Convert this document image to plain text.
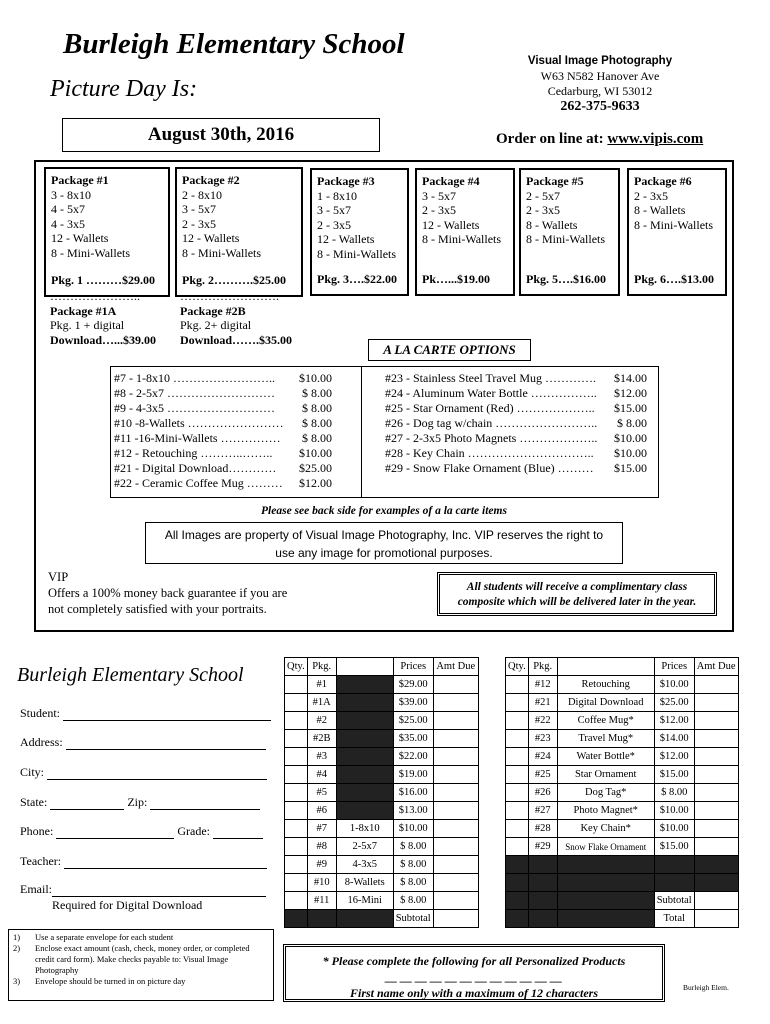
Burleigh Elementary School
Picture Day Is:
Visual Image Photography
W63 N582 Hanover Ave
Cedarburg, WI 53012
262-375-9633
August 30th, 2016	Order on line at: www.vipis.com
Package #1
3 - 8x10
4 - 5x7
4 - 3x5
12 - Wallets
8 - Mini-Wallets
Pkg. 1 ………$29.00
Package #2
2 - 8x10
3 - 5x7
2 - 3x5
12 - Wallets
8 - Mini-Wallets
Pkg. 2……….$25.00
Package #3
1 - 8x10
3 - 5x7
2 - 3x5
12 - Wallets
8 - Mini-Wallets
Pkg. 3….$22.00
Package #4
3 - 5x7
2 - 3x5
12 - Wallets
8 - Mini-Wallets
Pk…...$19.00
Package #5
2 - 5x7
2 - 3x5
8 - Wallets
8 - Mini-Wallets
Pkg. 5….$16.00
Package #6
2 - 3x5
8 - Wallets
8 - Mini-Wallets
Pkg. 6….$13.00
…………………..
Package #1A
Pkg. 1 + digital
Download…...$39.00
…………………….
Package #2B
Pkg. 2+ digital
Download…….$35.00
A LA CARTE OPTIONS
#7 - 1-8x10 ……………………..	$10.00
#8 - 2-5x7 ………………………	$ 8.00
#9 - 4-3x5 ………………………	$ 8.00
#10 -8-Wallets ……………………	$ 8.00
#11 -16-Mini-Wallets ……………	$ 8.00
#12 - Retouching ………..……..	$10.00
#21 - Digital Download…………	$25.00
#22 - Ceramic Coffee Mug ………	$12.00
#23 - Stainless Steel Travel Mug ………….	$14.00
#24 - Aluminum Water Bottle ……………..	$12.00
#25 - Star Ornament (Red) ………………..	$15.00
#26 - Dog tag w/chain ……………………..	$ 8.00
#27 - 2-3x5 Photo Magnets ………………..	$10.00
#28 - Key Chain …………………………..	$10.00
#29 - Snow Flake Ornament (Blue) ………	$15.00
Please see back side for examples of a la carte items
All Images are property of Visual Image Photography, Inc. VIP reserves the right to
use any image for promotional purposes.
VIP
Offers a 100% money back guarantee if you are
not completely satisfied with your portraits.
All students will receive a complimentary class
composite which will be delivered later in the year.
Burleigh Elementary School
Student:
Address:
City:
State:	Zip:
Phone:	Grade:
Teacher:
Email:
Required for Digital Download
Qty.	Pkg.		Prices	Amt Due
	#1		$29.00	
	#1A		$39.00	
	#2		$25.00	
	#2B		$35.00	
	#3		$22.00	
	#4		$19.00	
	#5		$16.00	
	#6		$13.00	
	#7	1-8x10	$10.00	
	#8	2-5x7	$ 8.00	
	#9	4-3x5	$ 8.00	
	#10	8-Wallets	$ 8.00	
	#11	16-Mini	$ 8.00	
			Subtotal	
Qty.	Pkg.		Prices	Amt Due
	#12	Retouching	$10.00	
	#21	Digital Download	$25.00	
	#22	Coffee Mug*	$12.00	
	#23	Travel Mug*	$14.00	
	#24	Water Bottle*	$12.00	
	#25	Star Ornament	$15.00	
	#26	Dog Tag*	$ 8.00	
	#27	Photo Magnet*	$10.00	
	#28	Key Chain*	$10.00	
	#29	Snow Flake Ornament	$15.00	

			Subtotal	
			Total	
1)	Use a separate envelope for each student
2)	Enclose exact amount (cash, check, money order, or completed credit card form). Make checks payable to: Visual Image Photography
3)	Envelope should be turned in on picture day
* Please complete the following for all Personalized Products
__ __ __ __ __ __ __ __ __ __ __ __
First name only with a maximum of 12 characters	Burleigh Elem.
